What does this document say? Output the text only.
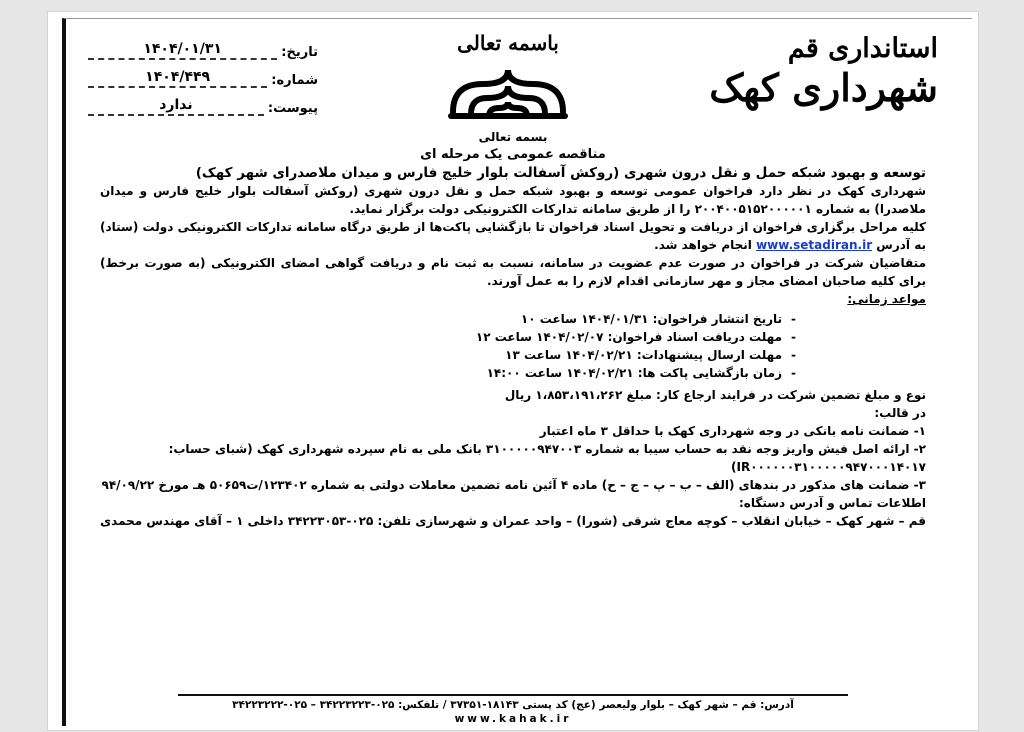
استانداری قم
شهرداری کهک
باسمه تعالی
تاریخ:
۱۴۰۴/۰۱/۳۱
شماره:
۱۴۰۴/۴۴۹
پیوست:
ندارد

بسمه تعالی

مناقصه عمومی یک مرحله ای

توسعه و بهبود شبکه حمل و نقل درون شهری (روکش آسفالت بلوار خلیج فارس و میدان ملاصدرای شهر کهک)

شهرداری کهک در نظر دارد فراخوان عمومی توسعه و بهبود شبکه حمل و نقل درون شهری (روکش آسفالت بلوار خلیج فارس و میدان ملاصدرا) به شماره ۲۰۰۴۰۰۵۱۵۲۰۰۰۰۰۱ را از طریق سامانه تدارکات الکترونیکی دولت برگزار نماید.

کلیه مراحل برگزاری فراخوان از دریافت و تحویل اسناد فراخوان تا بازگشایی پاکت‌ها از طریق درگاه سامانه تدارکات الکترونیکی دولت (ستاد) به آدرس www.setadiran.ir انجام خواهد شد.

متقاضیان شرکت در فراخوان در صورت عدم عضویت در سامانه، نسبت به ثبت نام و دریافت گواهی امضای الکترونیکی (به صورت برخط) برای کلیه صاحبان امضای مجاز و مهر سازمانی اقدام لازم را به عمل آورند.

مواعد زمانی:

- تاریخ انتشار فراخوان: ۱۴۰۴/۰۱/۳۱ ساعت ۱۰
- مهلت دریافت اسناد فراخوان: ۱۴۰۴/۰۲/۰۷ ساعت ۱۲
- مهلت ارسال پیشنهادات: ۱۴۰۴/۰۲/۲۱ ساعت ۱۳
- زمان بازگشایی پاکت ها: ۱۴۰۴/۰۲/۲۱ ساعت ۱۴:۰۰

نوع و مبلغ تضمین شرکت در فرایند ارجاع کار: مبلغ ۱،۸۵۳،۱۹۱،۲۶۲ ریال

در قالب:

۱- ضمانت نامه بانکی در وجه شهرداری کهک با حداقل ۳ ماه اعتبار

۲- ارائه اصل فیش واریز وجه نقد به حساب سیبا به شماره ۳۱۰۰۰۰۰۹۴۷۰۰۳ بانک ملی به نام سپرده شهرداری کهک (شبای حساب: IR۰۰۰۰۰۰۳۱۰۰۰۰۰۹۴۷۰۰۰۱۴۰۱۷)

۳- ضمانت های مذکور در بندهای (الف – ب – پ – ج – ح) ماده ۴ آئین نامه تضمین معاملات دولتی به شماره ۱۲۳۴۰۲/ت۵۰۶۵۹ هـ مورخ ۹۴/۰۹/۲۲

اطلاعات تماس و آدرس دستگاه:

قم – شهر کهک – خیابان انقلاب – کوچه معاج شرقی (شورا) – واحد عمران و شهرسازی تلفن: ۰۲۵-۳۴۲۲۳۰۵۳ داخلی ۱ – آقای مهندس محمدی

آدرس: قم – شهر کهک – بلوار ولیعصر (عج) کد پستی ۱۸۱۴۳-۳۷۳۵۱ / تلفکس: ۰۲۵-۳۴۲۲۳۲۲۳ – ۰۲۵-۳۴۲۲۳۲۲۲
www.kahak.ir
